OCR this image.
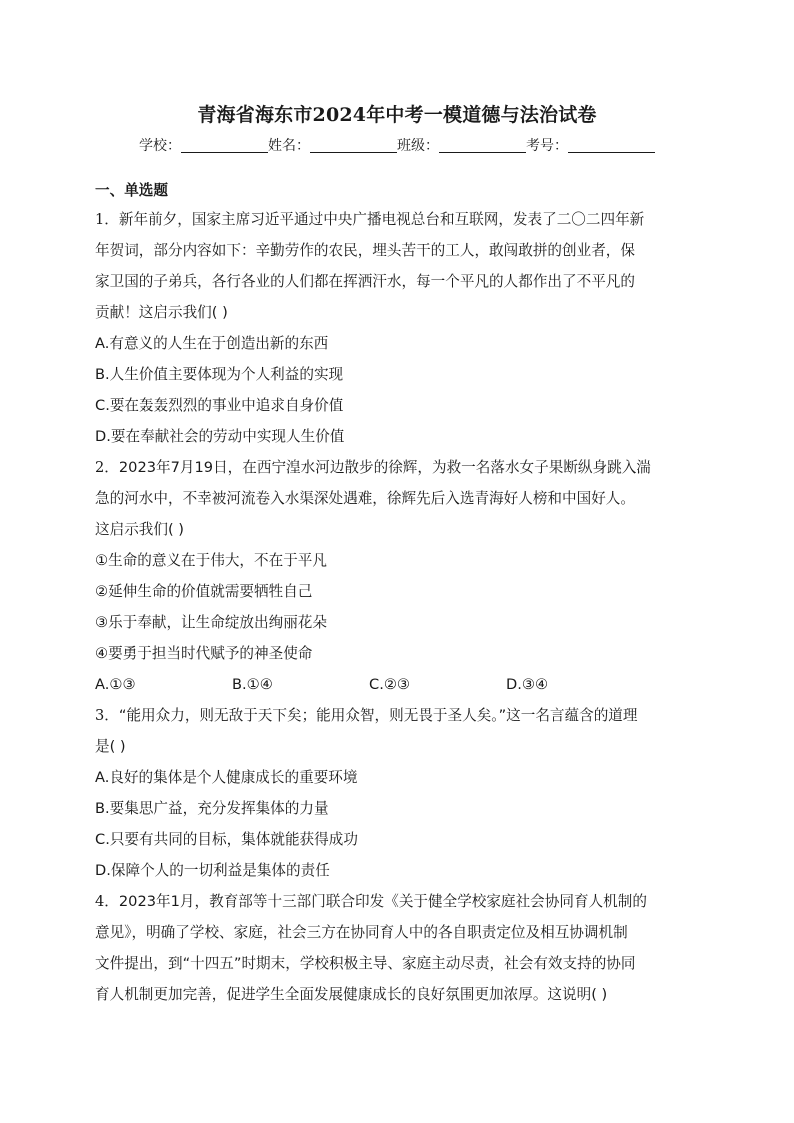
青海省海东市2024年中考一模道德与法治试卷
学校：	姓名：	班级：	考号：
一、单选题
1．新年前夕，国家主席习近平通过中央广播电视总台和互联网，发表了二〇二四年新
年贺词，部分内容如下：辛勤劳作的农民，埋头苦干的工人，敢闯敢拼的创业者，保
家卫国的子弟兵，各行各业的人们都在挥洒汗水，每一个平凡的人都作出了不平凡的
贡献！这启示我们( )
A.有意义的人生在于创造出新的东西
B.人生价值主要体现为个人利益的实现
C.要在轰轰烈烈的事业中追求自身价值
D.要在奉献社会的劳动中实现人生价值
2．2023年7月19日，在西宁湟水河边散步的徐辉，为救一名落水女子果断纵身跳入湍
急的河水中，不幸被河流卷入水渠深处遇难，徐辉先后入选青海好人榜和中国好人。
这启示我们( )
①生命的意义在于伟大，不在于平凡
②延伸生命的价值就需要牺牲自己
③乐于奉献，让生命绽放出绚丽花朵
④要勇于担当时代赋予的神圣使命
A.①③	B.①④	C.②③	D.③④
3．“能用众力，则无敌于天下矣；能用众智，则无畏于圣人矣。”这一名言蕴含的道理
是( )
A.良好的集体是个人健康成长的重要环境
B.要集思广益，充分发挥集体的力量
C.只要有共同的目标，集体就能获得成功
D.保障个人的一切利益是集体的责任
4．2023年1月，教育部等十三部门联合印发《关于健全学校家庭社会协同育人机制的
意见》，明确了学校、家庭，社会三方在协同育人中的各自职责定位及相互协调机制
文件提出，到“十四五”时期末，学校积极主导、家庭主动尽责，社会有效支持的协同
育人机制更加完善，促进学生全面发展健康成长的良好氛围更加浓厚。这说明( )
